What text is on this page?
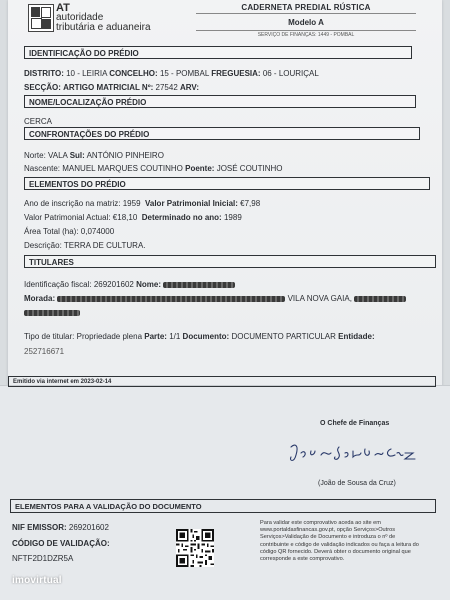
AT
autoridade
tributária e aduaneira
CADERNETA PREDIAL RÚSTICA
Modelo A
SERVIÇO DE FINANÇAS: 1449 - POMBAL
IDENTIFICAÇÃO DO PRÉDIO
DISTRITO: 10 - LEIRIA CONCELHO: 15 - POMBAL FREGUESIA: 06 - LOURIÇAL
SECÇÃO: ARTIGO MATRICIAL Nº: 27542 ARV:
NOME/LOCALIZAÇÃO PRÉDIO
CERCA
CONFRONTAÇÕES DO PRÉDIO
Norte: VALA Sul: ANTÓNIO PINHEIRO
Nascente: MANUEL MARQUES COUTINHO Poente: JOSÉ COUTINHO
ELEMENTOS DO PRÉDIO
Ano de inscrição na matriz: 1959 Valor Patrimonial Inicial: €7,98
Valor Patrimonial Actual: €18,10 Determinado no ano: 1989
Área Total (ha): 0,074000
Descrição: TERRA DE CULTURA.
TITULARES
Identificação fiscal: 269201602 Nome:
Morada:	VILA NOVA GAIA,
Tipo de titular: Propriedade plena Parte: 1/1 Documento: DOCUMENTO PARTICULAR Entidade:
252716671
Emitido via internet em 2023-02-14
O Chefe de Finanças
(João de Sousa da Cruz)
ELEMENTOS PARA A VALIDAÇÃO DO DOCUMENTO
NIF EMISSOR: 269201602
CÓDIGO DE VALIDAÇÃO:
NFTF2D1DZR5A
Para validar este comprovativo aceda ao site em www.portaldasfinancas.gov.pt, opção Serviços>Outros Serviços>Validação de Documento e introduza o nº de contribuinte e código de validação indicados ou faça a leitura do código QR fornecido. Deverá obter o documento original que corresponde a este comprovativo.
imovirtual
